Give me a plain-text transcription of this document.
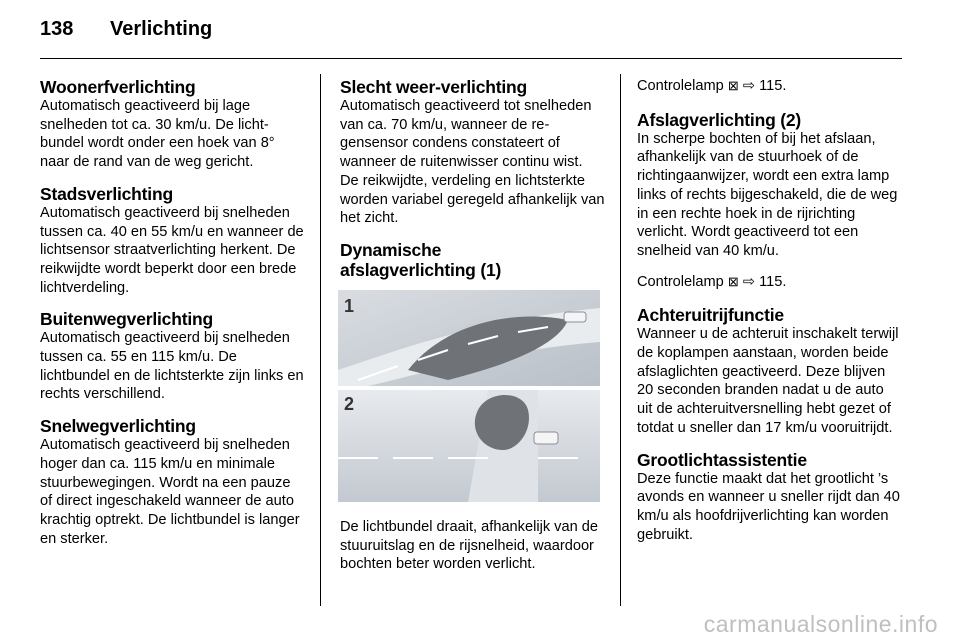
138 Verlichting
Woonerfverlichting

Automatisch geactiveerd bij lage snelheden tot ca. 30 km/u. De lichtbundel wordt onder een hoek van 8° naar de rand van de weg gericht.

Stadsverlichting

Automatisch geactiveerd bij snelheden tussen ca. 40 en 55 km/u en wanneer de lichtsensor straatverlichting herkent. De reikwijdte wordt beperkt door een brede lichtverdeling.

Buitenwegverlichting

Automatisch geactiveerd bij snelheden tussen ca. 55 en 115 km/u. De lichtbundel en de lichtsterkte zijn links en rechts verschillend.

Snelwegverlichting

Automatisch geactiveerd bij snelheden hoger dan ca. 115 km/u en minimale stuurbewegingen. Wordt na een pauze of direct ingeschakeld wanneer de auto krachtig optrekt. De lichtbundel is langer en sterker.

Slecht weer-verlichting

Automatisch geactiveerd tot snelheden van ca. 70 km/u, wanneer de regensensor condens constateert of wanneer de ruitenwisser continu wist. De reikwijdte, verdeling en lichtsterkte worden variabel geregeld afhankelijk van het zicht.

Dynamische
afslagverlichting (1)
1
2

De lichtbundel draait, afhankelijk van de stuuruitslag en de rijsnelheid, waardoor bochten beter worden verlicht.

Controlelamp ⊠ ⇨ 115.

Afslagverlichting (2)

In scherpe bochten of bij het afslaan, afhankelijk van de stuurhoek of de richtingaanwijzer, wordt een extra lamp links of rechts bijgeschakeld, die de weg in een rechte hoek in de rijrichting verlicht. Wordt geactiveerd tot een snelheid van 40 km/u.

Controlelamp ⊠ ⇨ 115.

Achteruitrijfunctie

Wanneer u de achteruit inschakelt terwijl de koplampen aanstaan, worden beide afslaglichten geactiveerd. Deze blijven 20 seconden branden nadat u de auto uit de achteruitversnelling hebt gezet of totdat u sneller dan 17 km/u vooruitrijdt.

Grootlichtassistentie

Deze functie maakt dat het grootlicht ’s avonds en wanneer u sneller rijdt dan 40 km/u als hoofdrijverlichting kan worden gebruikt.

carmanualsonline.info
